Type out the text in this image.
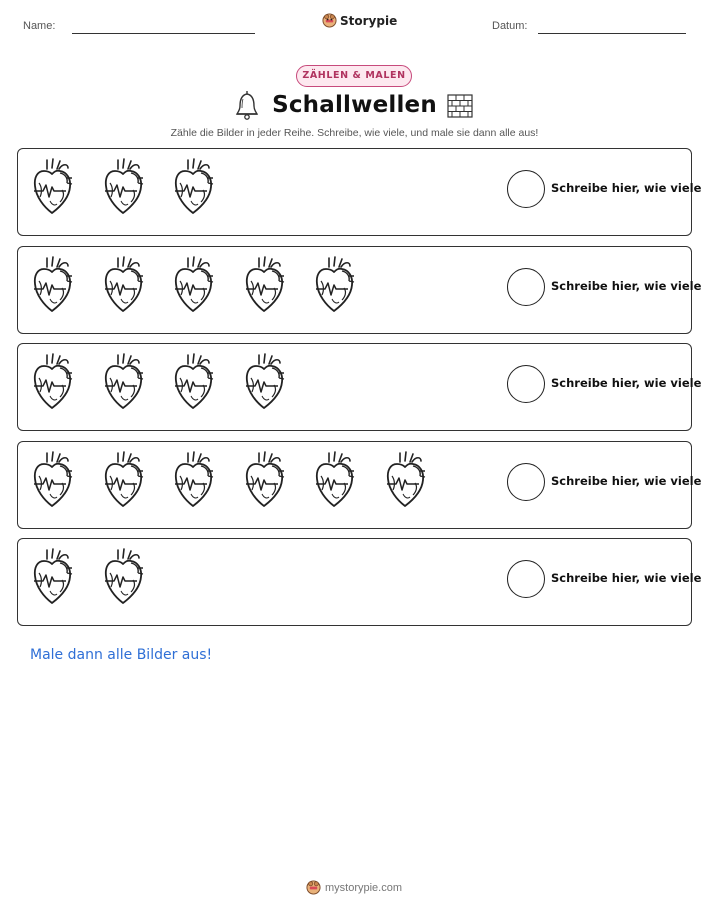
Name:	Storypie	Datum:
ZÄHLEN & MALEN
Schallwellen
Zähle die Bilder in jeder Reihe. Schreibe, wie viele, und male sie dann alle aus!
Schreibe hier, wie viele
Schreibe hier, wie viele
Schreibe hier, wie viele
Schreibe hier, wie viele
Schreibe hier, wie viele
Male dann alle Bilder aus!
mystorypie.com
